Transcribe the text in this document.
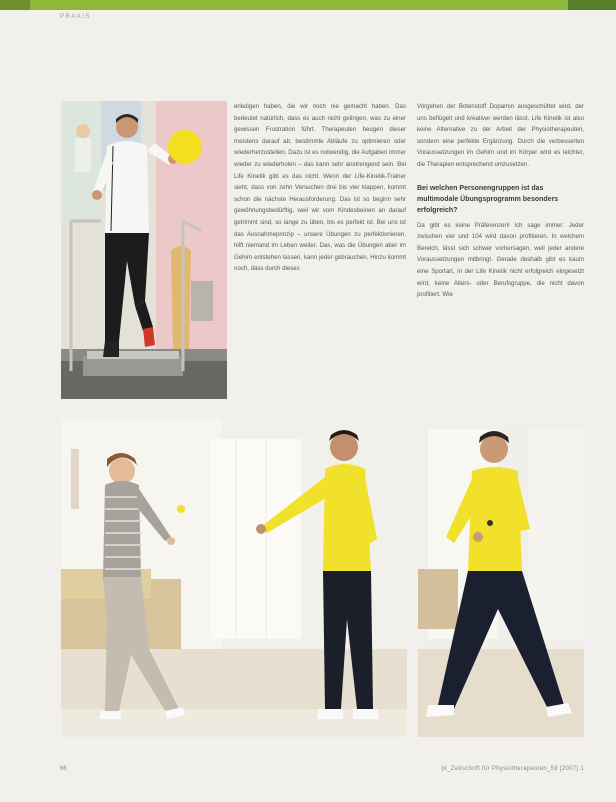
PRAXIS

erledigen haben, die wir noch nie gemacht haben. Das bedeutet natürlich, dass es auch nicht gelingen, was zu einer gewissen Frustration führt. Therapeuten beugen dieser meistens darauf ab, bestimmte Abläufe zu optimieren oder wiederherzustellen. Dazu ist es notwendig, die Aufgaben immer wieder zu wiederholen – das kann sehr anstrengend sein. Bei Life Kinetik gibt es das nicht. Wenn der Life-Kinetik-Trainer sieht, dass von zehn Versuchen drei bis vier klappen, kommt schon die nächste Herausforderung. Das ist so beginn sehr gewöhnungsbedürftig, weil wir vom Kindesbeinen an darauf getrimmt sind, so lange zu üben, bis es perfekt ist. Bei uns ist das Ausnahmeprinzip – unsere Übungen zu perfektionieren, hilft niemand im Leben weiter. Das, was die Übungen aber im Gehirn entstehen lassen, kann jeder gebrauchen. Hinzu kommt noch, dass durch dieses

Vorgehen der Botenstoff Dopamin ausgeschüttet wird, der uns beflügelt und kreativer werden lässt. Life Kinetik ist also keine Alternative zu der Arbeit der Physiotherapeuten, sondern eine perfekte Ergänzung. Durch die verbesserten Voraussetzungen im Gehirn und im Körper wird es leichter, die Therapien entsprechend umzusetzen.

Bei welchen Personengruppen ist das multimodale Übungsprogramm besonders erfolgreich?

Da gibt es keine Präferenzen! Ich sage immer: Jeder zwischen vier und 104 wird davon profitieren. In welchem Bereich, lässt sich schwer vorhersagen, weil jeder andere Voraussetzungen mitbringt. Gerade deshalb gibt es kaum eine Sportart, in der Life Kinetik nicht erfolgreich eingesetzt wird, keine Alters- oder Berufsgruppe, die nicht davon profitiert. Wie

66	pt_Zeitschrift für Physiotherapeuten_59 [2007] 1
